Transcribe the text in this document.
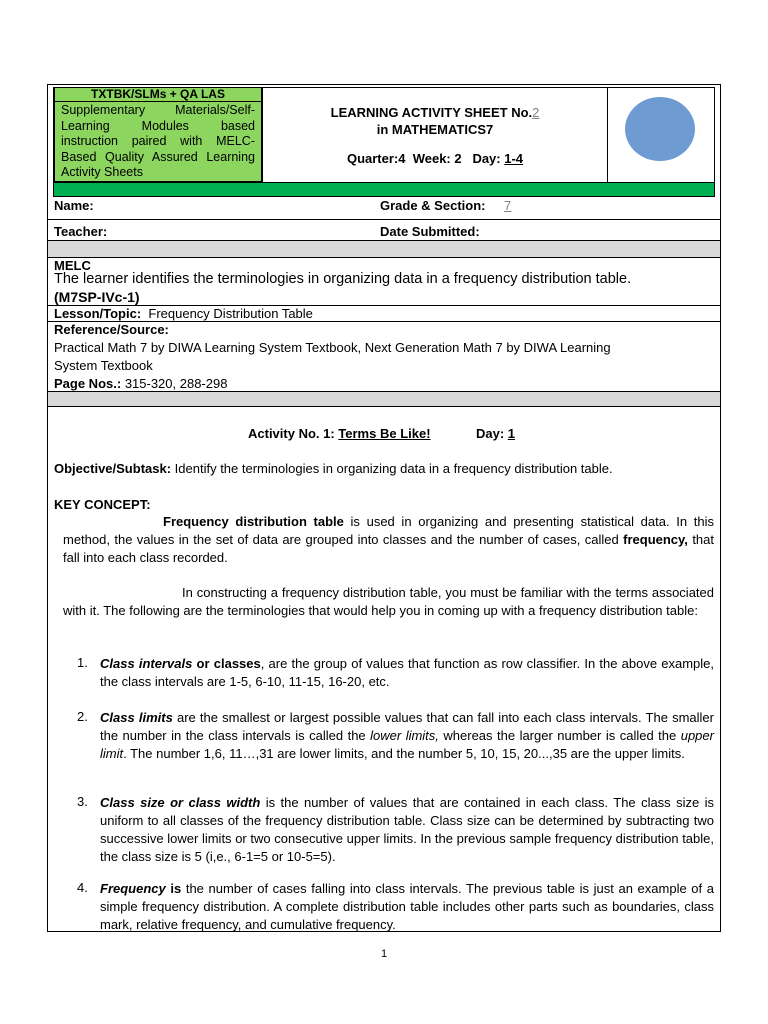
TXTBK/SLMs + QA LAS
Supplementary Materials/Self-Learning Modules based instruction paired with MELC-Based Quality Assured Learning Activity Sheets
LEARNING ACTIVITY SHEET No.2
in MATHEMATICS7
Quarter:4  Week: 2   Day: 1-4
Name:	Grade & Section: 7
Teacher:	Date Submitted:
MELC
The learner identifies the terminologies in organizing data in a frequency distribution table.
(M7SP-IVc-1)
Lesson/Topic: Frequency Distribution Table
Reference/Source:
Practical Math 7 by DIWA Learning System Textbook, Next Generation Math 7 by DIWA Learning
System Textbook
Page Nos.: 315-320, 288-298
Activity No. 1: Terms Be Like!	Day: 1
Objective/Subtask: Identify the terminologies in organizing data in a frequency distribution table.
KEY CONCEPT:
Frequency distribution table is used in organizing and presenting statistical data. In this method, the values in the set of data are grouped into classes and the number of cases, called frequency, that fall into each class recorded.
In constructing a frequency distribution table, you must be familiar with the terms associated with it. The following are the terminologies that would help you in coming up with a frequency distribution table:
1. Class intervals or classes, are the group of values that function as row classifier. In the above example, the class intervals are 1-5, 6-10, 11-15, 16-20, etc.
2. Class limits are the smallest or largest possible values that can fall into each class intervals. The smaller the number in the class intervals is called the lower limits, whereas the larger number is called the upper limit. The number 1,6, 11…,31 are lower limits, and the number 5, 10, 15, 20...,35 are the upper limits.
3. Class size or class width is the number of values that are contained in each class. The class size is uniform to all classes of the frequency distribution table. Class size can be determined by subtracting two successive lower limits or two consecutive upper limits. In the previous sample frequency distribution table, the class size is 5 (i,e., 6-1=5 or 10-5=5).
4. Frequency is the number of cases falling into class intervals. The previous table is just an example of a simple frequency distribution. A complete distribution table includes other parts such as boundaries, class mark, relative frequency, and cumulative frequency.
1
